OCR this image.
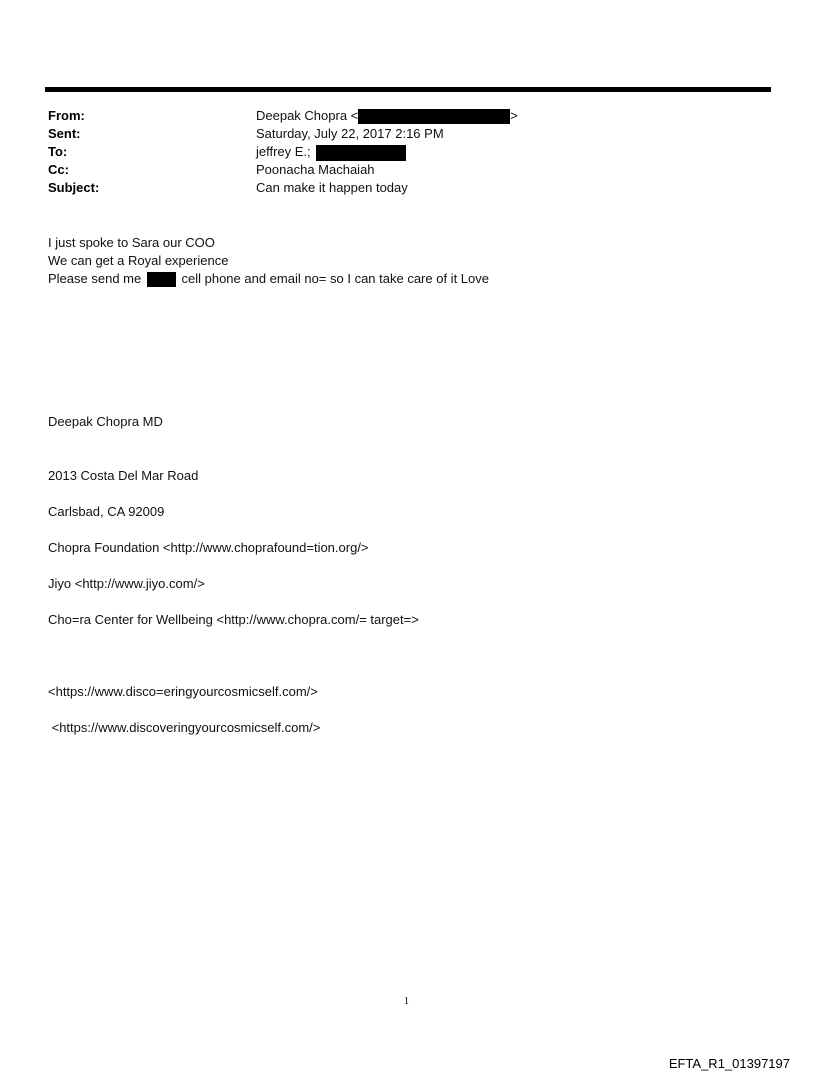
From:	Deepak Chopra <	>
Sent:	Saturday, July 22, 2017 2:16 PM
To:	jeffrey E.;
Cc:	Poonacha Machaiah
Subject:	Can make it happen today
I just spoke to Sara our COO
We can get a Royal experience
Please send me	cell phone and email no= so I can take care of it Love
Deepak Chopra MD
2013 Costa Del Mar Road
Carlsbad, CA 92009
Chopra Foundation <http://www.choprafound=tion.org/>
Jiyo <http://www.jiyo.com/>
Cho=ra Center for Wellbeing <http://www.chopra.com/= target=>
<https://www.disco=eringyourcosmicself.com/>
<https://www.discoveringyourcosmicself.com/>
1
EFTA_R1_01397197
